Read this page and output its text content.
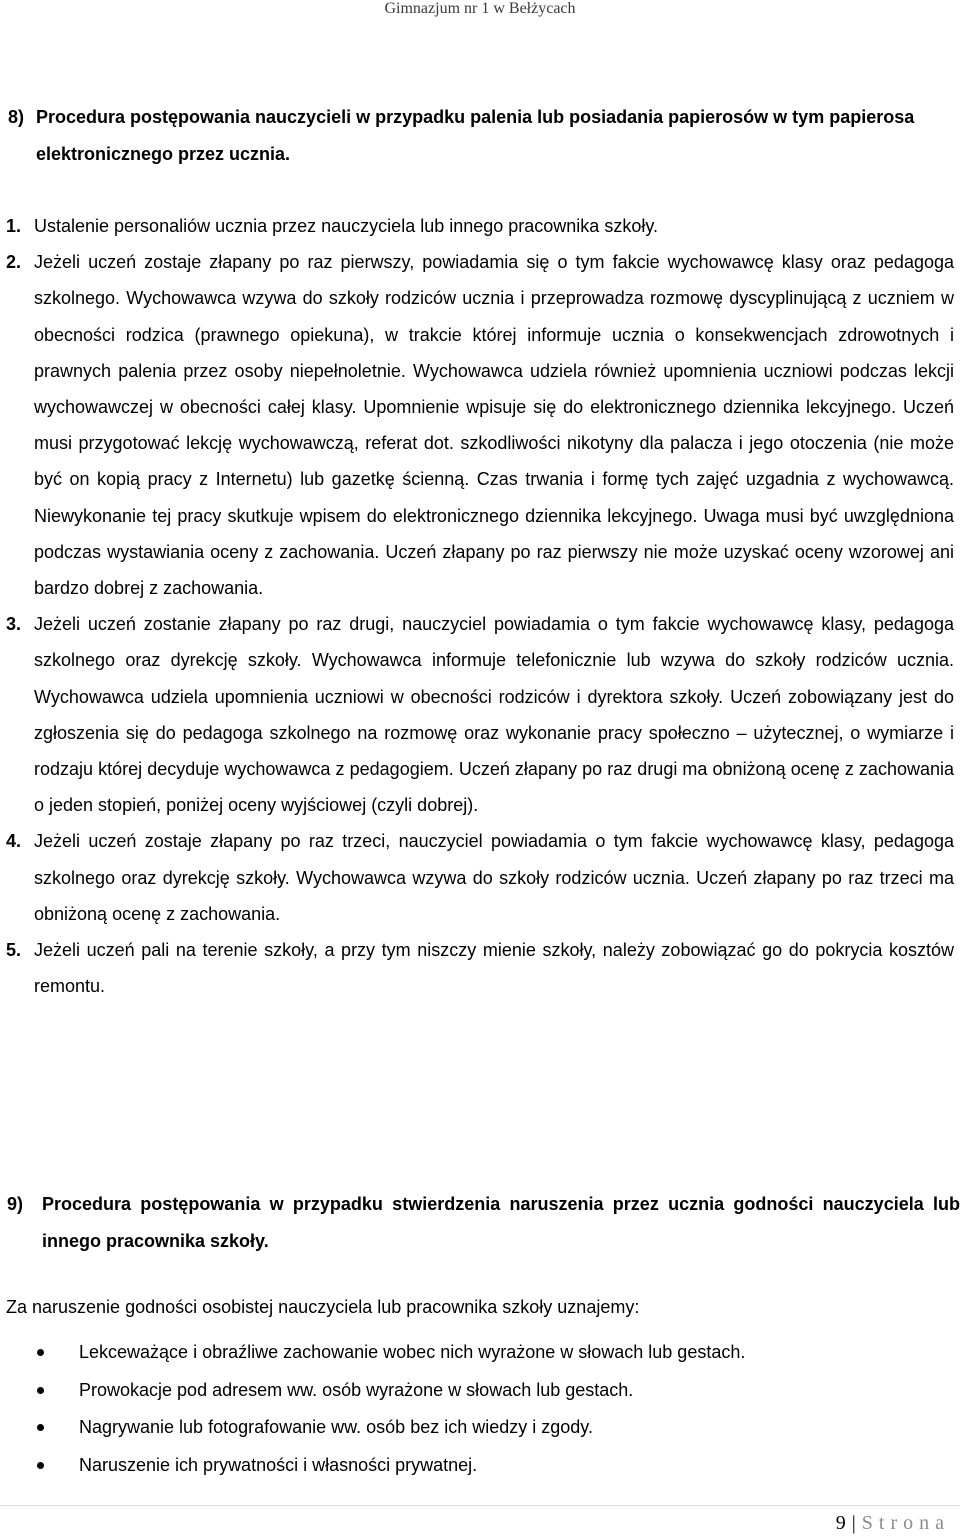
Gimnazjum nr 1 w Bełżycach
8) Procedura postępowania nauczycieli w przypadku palenia lub posiadania papierosów w tym papierosa elektronicznego przez ucznia.
1. Ustalenie personaliów ucznia przez nauczyciela lub innego pracownika szkoły.
2. Jeżeli uczeń zostaje złapany po raz pierwszy, powiadamia się o tym fakcie wychowawcę klasy oraz pedagoga szkolnego. Wychowawca wzywa do szkoły rodziców ucznia i przeprowadza rozmowę dyscyplinującą z uczniem w obecności rodzica (prawnego opiekuna), w trakcie której informuje ucznia o konsekwencjach zdrowotnych i prawnych palenia przez osoby niepełnoletnie. Wychowawca udziela również upomnienia uczniowi podczas lekcji wychowawczej w obecności całej klasy. Upomnienie wpisuje się do elektronicznego dziennika lekcyjnego. Uczeń musi przygotować lekcję wychowawczą, referat dot. szkodliwości nikotyny dla palacza i jego otoczenia (nie może być on kopią pracy z Internetu) lub gazetkę ścienną. Czas trwania i formę tych zajęć uzgadnia z wychowawcą. Niewykonanie tej pracy skutkuje wpisem do elektronicznego dziennika lekcyjnego. Uwaga musi być uwzględniona podczas wystawiania oceny z zachowania. Uczeń złapany po raz pierwszy nie może uzyskać oceny wzorowej ani bardzo dobrej z zachowania.
3. Jeżeli uczeń zostanie złapany po raz drugi, nauczyciel powiadamia o tym fakcie wychowawcę klasy, pedagoga szkolnego oraz dyrekcję szkoły. Wychowawca informuje telefonicznie lub wzywa do szkoły rodziców ucznia. Wychowawca udziela upomnienia uczniowi w obecności rodziców i dyrektora szkoły. Uczeń zobowiązany jest do zgłoszenia się do pedagoga szkolnego na rozmowę oraz wykonanie pracy społeczno – użytecznej, o wymiarze i rodzaju której decyduje wychowawca z pedagogiem. Uczeń złapany po raz drugi ma obniżoną ocenę z zachowania o jeden stopień, poniżej oceny wyjściowej (czyli dobrej).
4. Jeżeli uczeń zostaje złapany po raz trzeci, nauczyciel powiadamia o tym fakcie wychowawcę klasy, pedagoga szkolnego oraz dyrekcję szkoły. Wychowawca wzywa do szkoły rodziców ucznia. Uczeń złapany po raz trzeci ma obniżoną ocenę z zachowania.
5. Jeżeli uczeń pali na terenie szkoły, a przy tym niszczy mienie szkoły, należy zobowiązać go do pokrycia kosztów remontu.
9) Procedura postępowania w przypadku stwierdzenia naruszenia przez ucznia godności nauczyciela lub innego pracownika szkoły.
Za naruszenie godności osobistej nauczyciela lub pracownika szkoły uznajemy:
Lekceważące i obraźliwe zachowanie wobec nich wyrażone w słowach lub gestach.
Prowokacje pod adresem ww. osób wyrażone w słowach lub gestach.
Nagrywanie lub fotografowanie ww. osób bez ich wiedzy i zgody.
Naruszenie ich prywatności i własności prywatnej.
9 | Strona
